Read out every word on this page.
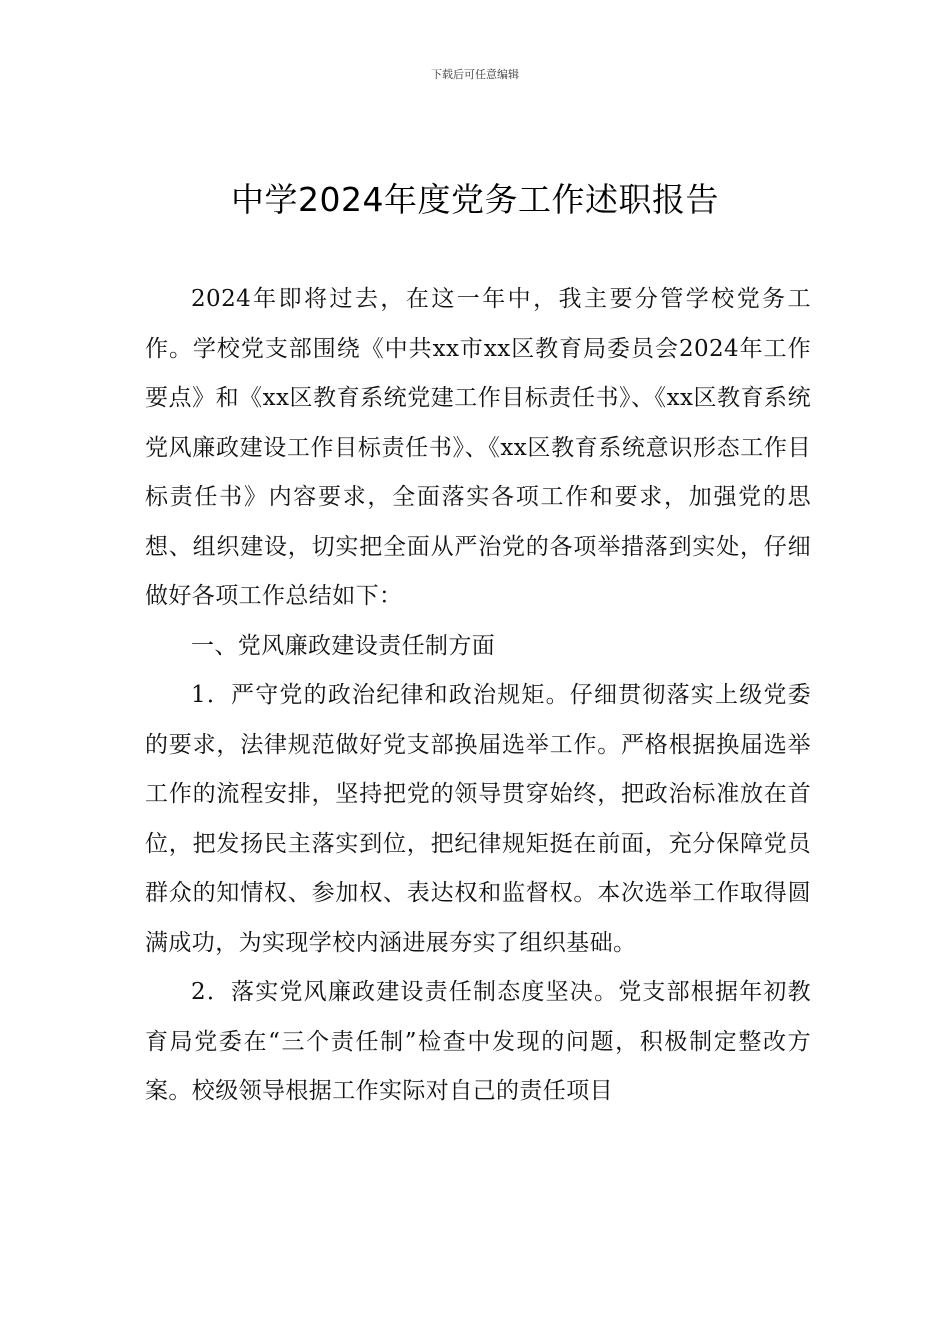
下载后可任意编辑
中学2024年度党务工作述职报告

2024年即将过去，在这一年中，我主要分管学校党务工作。学校党支部围绕《中共xx市xx区教育局委员会2024年工作要点》和《xx区教育系统党建工作目标责任书》、《xx区教育系统党风廉政建设工作目标责任书》、《xx区教育系统意识形态工作目标责任书》内容要求，全面落实各项工作和要求，加强党的思想、组织建设，切实把全面从严治党的各项举措落到实处，仔细做好各项工作总结如下：

一、党风廉政建设责任制方面

1．严守党的政治纪律和政治规矩。仔细贯彻落实上级党委的要求，法律规范做好党支部换届选举工作。严格根据换届选举工作的流程安排，坚持把党的领导贯穿始终，把政治标准放在首位，把发扬民主落实到位，把纪律规矩挺在前面，充分保障党员群众的知情权、参加权、表达权和监督权。本次选举工作取得圆满成功，为实现学校内涵进展夯实了组织基础。

2．落实党风廉政建设责任制态度坚决。党支部根据年初教育局党委在“三个责任制”检查中发现的问题，积极制定整改方案。校级领导根据工作实际对自己的责任项目
